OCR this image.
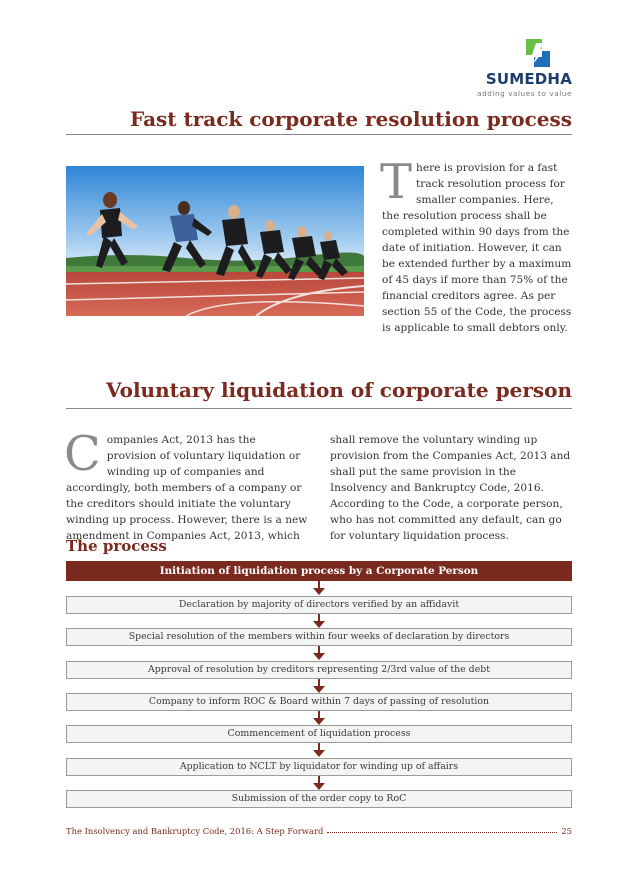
SUMEDHA
adding values to value
Fast track corporate resolution process
T here is provision for a fast track resolution process for smaller companies. Here, the resolution process shall be completed within 90 days from the date of initiation. However, it can be extended further by a maximum of 45 days if more than 75% of the financial creditors agree. As per section 55 of the Code, the process is applicable to small debtors only.
Voluntary liquidation of corporate person
C ompanies Act, 2013 has the provision of voluntary liquidation or winding up of companies and accordingly, both members of a company or the creditors should initiate the voluntary winding up process. However, there is a new amendment in Companies Act, 2013, which
shall remove the voluntary winding up provision from the Companies Act, 2013 and shall put the same provision in the Insolvency and Bankruptcy Code, 2016. According to the Code, a corporate person, who has not committed any default, can go for voluntary liquidation process.
The process
Initiation of liquidation process by a Corporate Person
Declaration by majority of directors verified by an affidavit
Special resolution of the members within four weeks of declaration by directors
Approval of resolution by creditors representing 2/3rd value of the debt
Company to inform ROC & Board within 7 days of passing of resolution
Commencement of liquidation process
Application to NCLT by liquidator for winding up of affairs
Submission of the order copy to RoC
The Insolvency and Bankruptcy Code, 2016: A Step Forward	25
